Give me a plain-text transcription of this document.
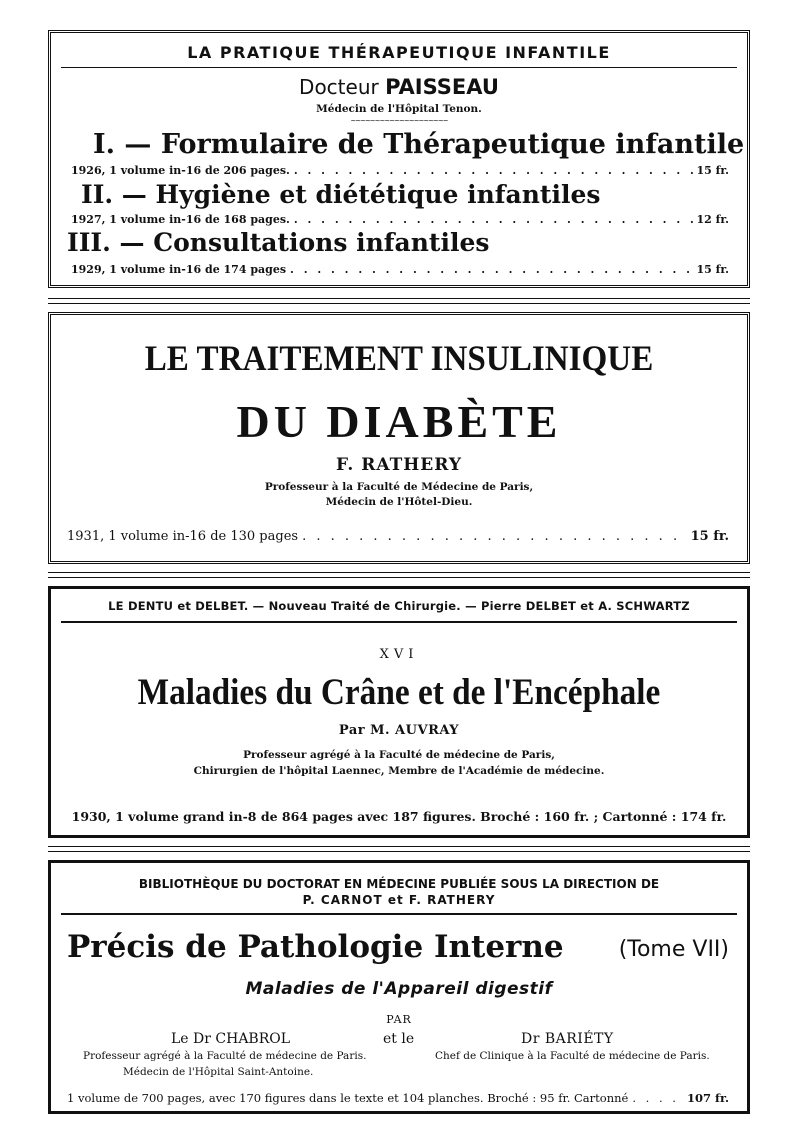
LA PRATIQUE THÉRAPEUTIQUE INFANTILE
Docteur PAISSEAU
Médecin de l'Hôpital Tenon.
~~~~~~~~~~~~~~~~~~~~
I. — Formulaire de Thérapeutique infantile
1926, 1 volume in-16 de 206 pages. . . .	15 fr.
II. — Hygiène et diététique infantiles
1927, 1 volume in-16 de 168 pages. . . .	12 fr.
III. — Consultations infantiles
1929, 1 volume in-16 de 174 pages . . .	15 fr.
LE TRAITEMENT INSULINIQUE
DU DIABÈTE
F. RATHERY
Professeur à la Faculté de Médecine de Paris,
Médecin de l'Hôtel-Dieu.
1931, 1 volume in-16 de 130 pages . . .	15 fr.
LE DENTU et DELBET. — Nouveau Traité de Chirurgie. — Pierre DELBET et A. SCHWARTZ
XVI
Maladies du Crâne et de l'Encéphale
Par M. AUVRAY
Professeur agrégé à la Faculté de médecine de Paris,
Chirurgien de l'hôpital Laennec, Membre de l'Académie de médecine.
1930, 1 volume grand in-8 de 864 pages avec 187 figures. Broché : 160 fr. ; Cartonné : 174 fr.
BIBLIOTHÈQUE DU DOCTORAT EN MÉDECINE PUBLIÉE SOUS LA DIRECTION DE
P. CARNOT et F. RATHERY
Précis de Pathologie Interne	(Tome VII)
Maladies de l'Appareil digestif
PAR
Le Dr CHABROL	et le	Dr BARIÉTY
Professeur agrégé à la Faculté de médecine de Paris.
Médecin de l'Hôpital Saint-Antoine.
Chef de Clinique à la Faculté de médecine de Paris.
1 volume de 700 pages, avec 170 figures dans le texte et 104 planches. Broché : 95 fr. Cartonné . . .	107 fr.
